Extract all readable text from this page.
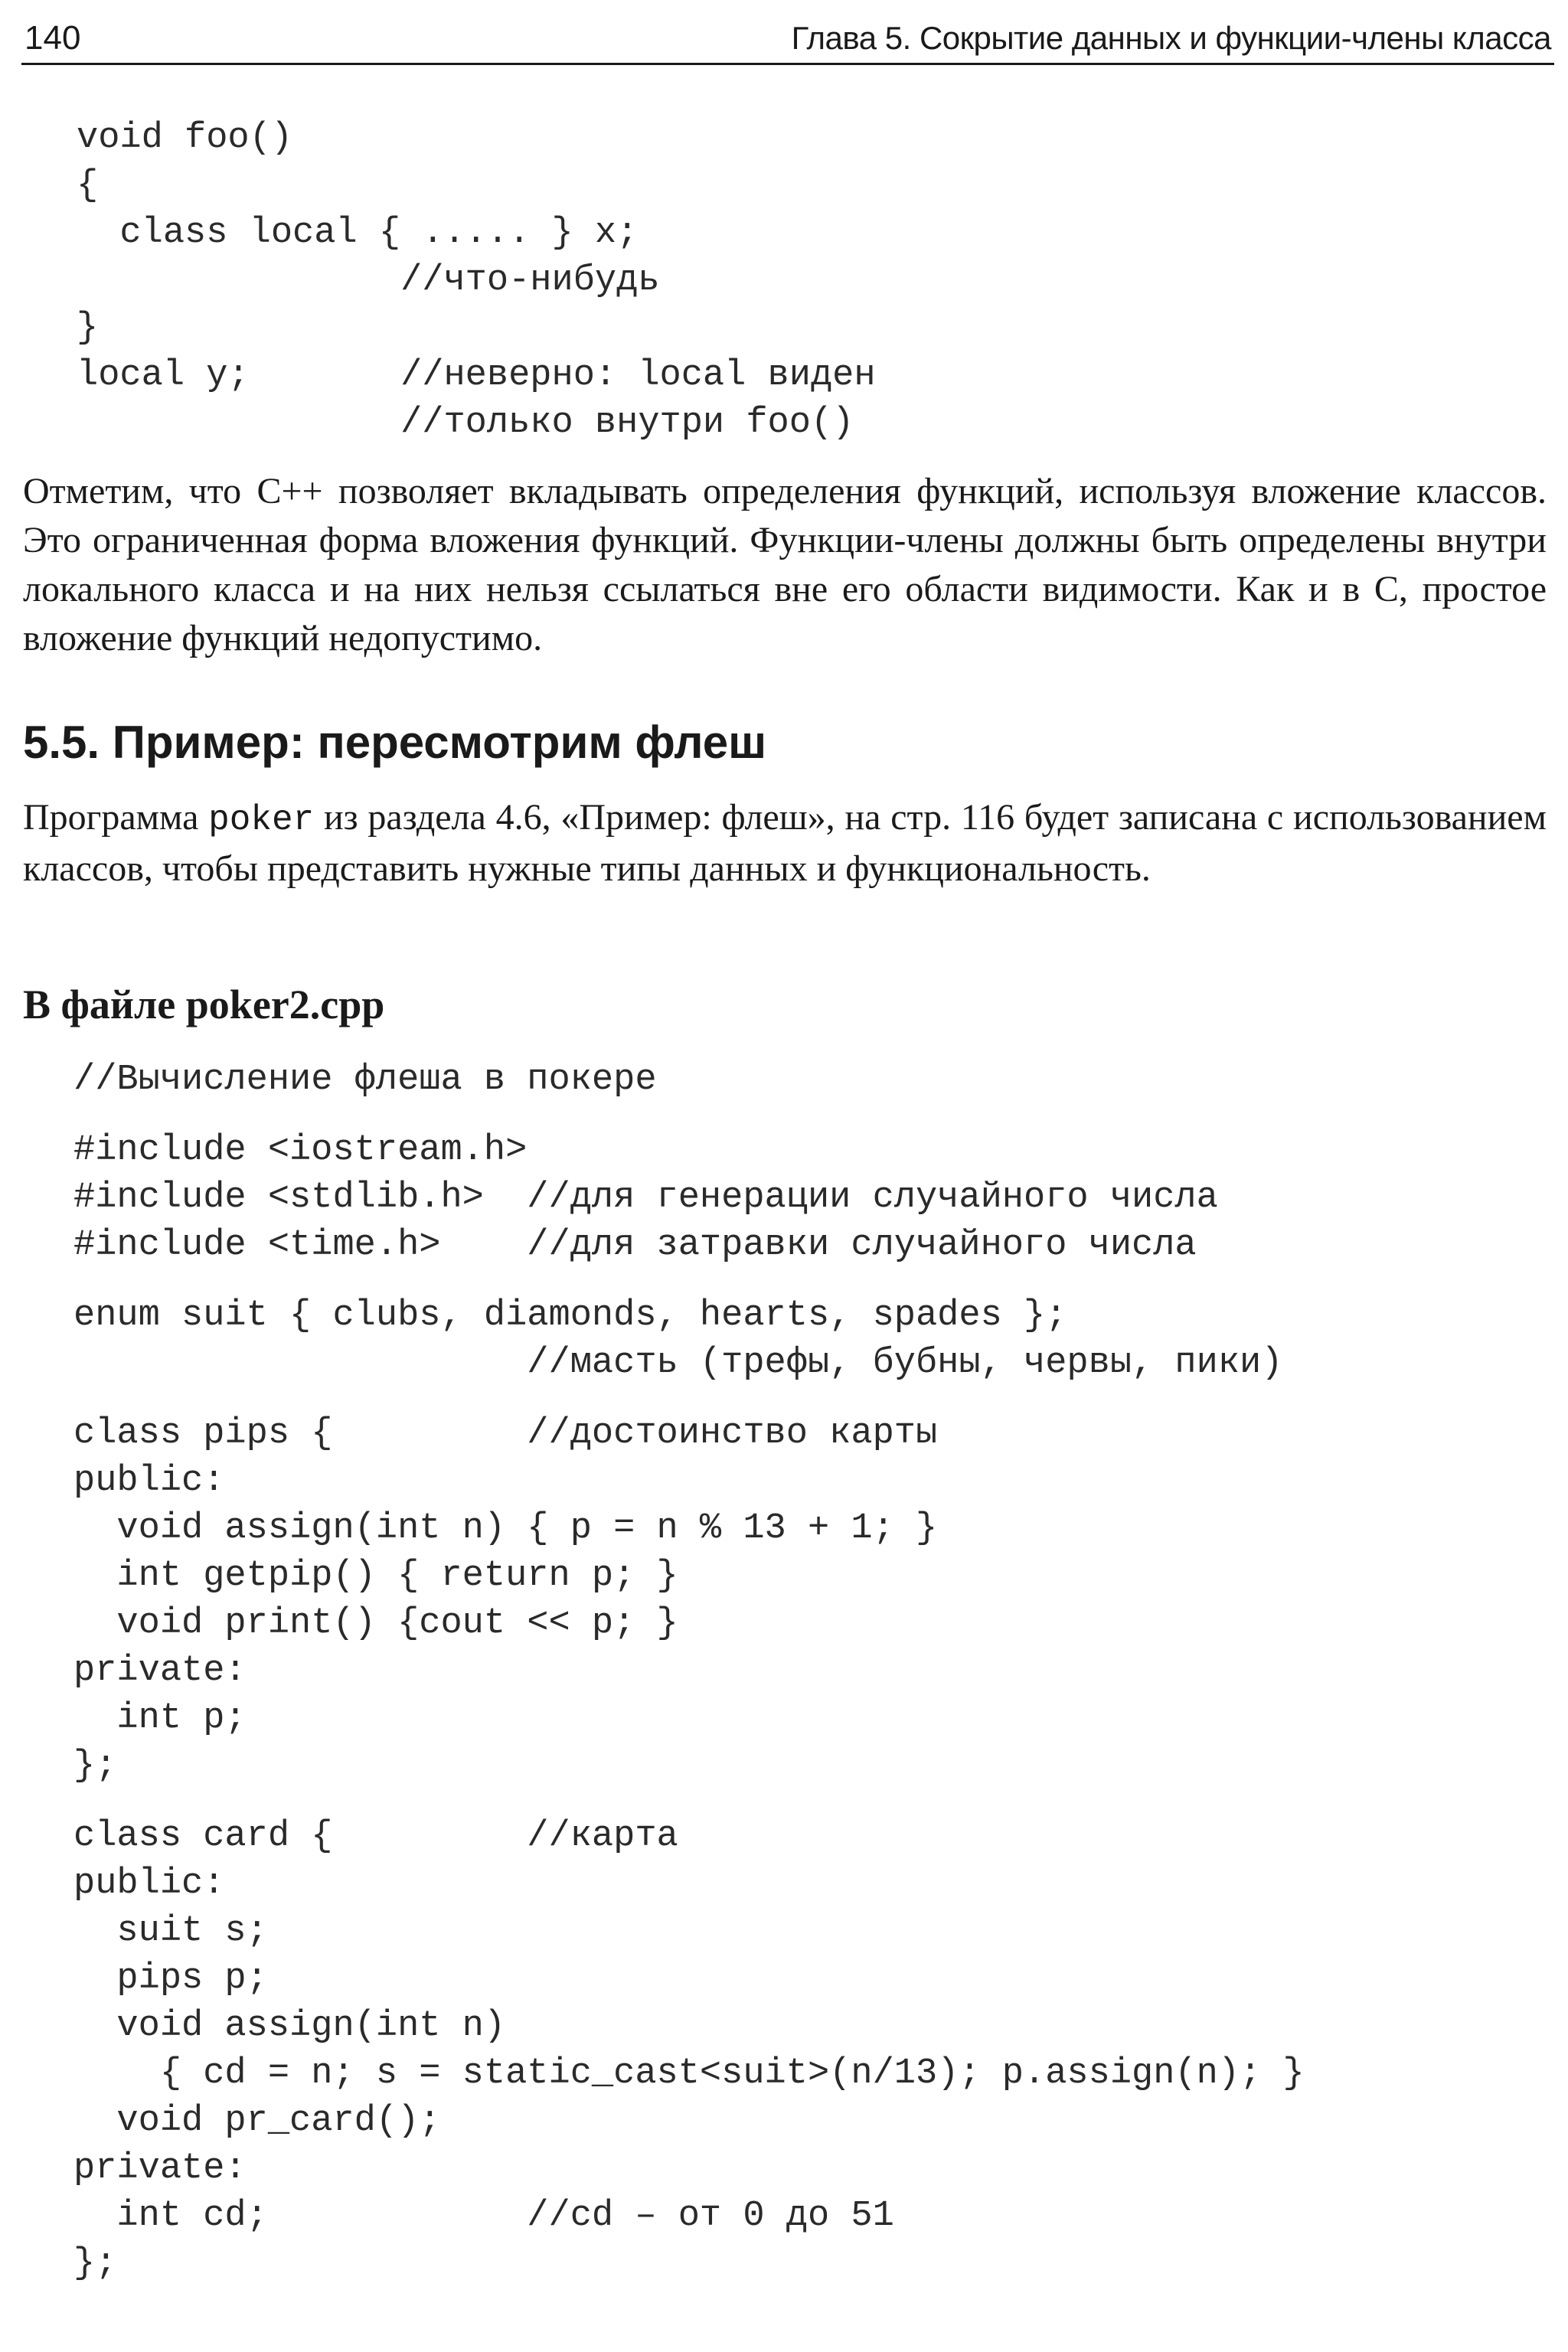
140	Глава 5. Сокрытие данных и функции-члены класса
void foo()
{
class local { ..... } x;
//что-нибудь
}
local y;       //неверно: local виден
//только внутри foo()

Отметим, что C++ позволяет вкладывать определения функций, используя вложение классов. Это ограниченная форма вложения функций. Функции-члены должны быть определены внутри локального класса и на них нельзя ссылаться вне его области видимости. Как и в C, простое вложение функций недопустимо.

5.5. Пример: пересмотрим флеш

Программа poker из раздела 4.6, «Пример: флеш», на стр. 116 будет записана с использованием классов, чтобы представить нужные типы данных и функциональность.

В файле poker2.cpp
//Вычисление флеша в покере
#include <iostream.h>
#include <stdlib.h>  //для генерации случайного числа
#include <time.h>    //для затравки случайного числа
enum suit { clubs, diamonds, hearts, spades };
//масть (трефы, бубны, червы, пики)
class pips {         //достоинство карты
public:
void assign(int n) { p = n % 13 + 1; }
int getpip() { return p; }
void print() {cout << p; }
private:
int p;
};
class card {         //карта
public:
suit s;
pips p;
void assign(int n)
{ cd = n; s = static_cast<suit>(n/13); p.assign(n); }
void pr_card();
private:
int cd;            //cd – от 0 до 51
};
